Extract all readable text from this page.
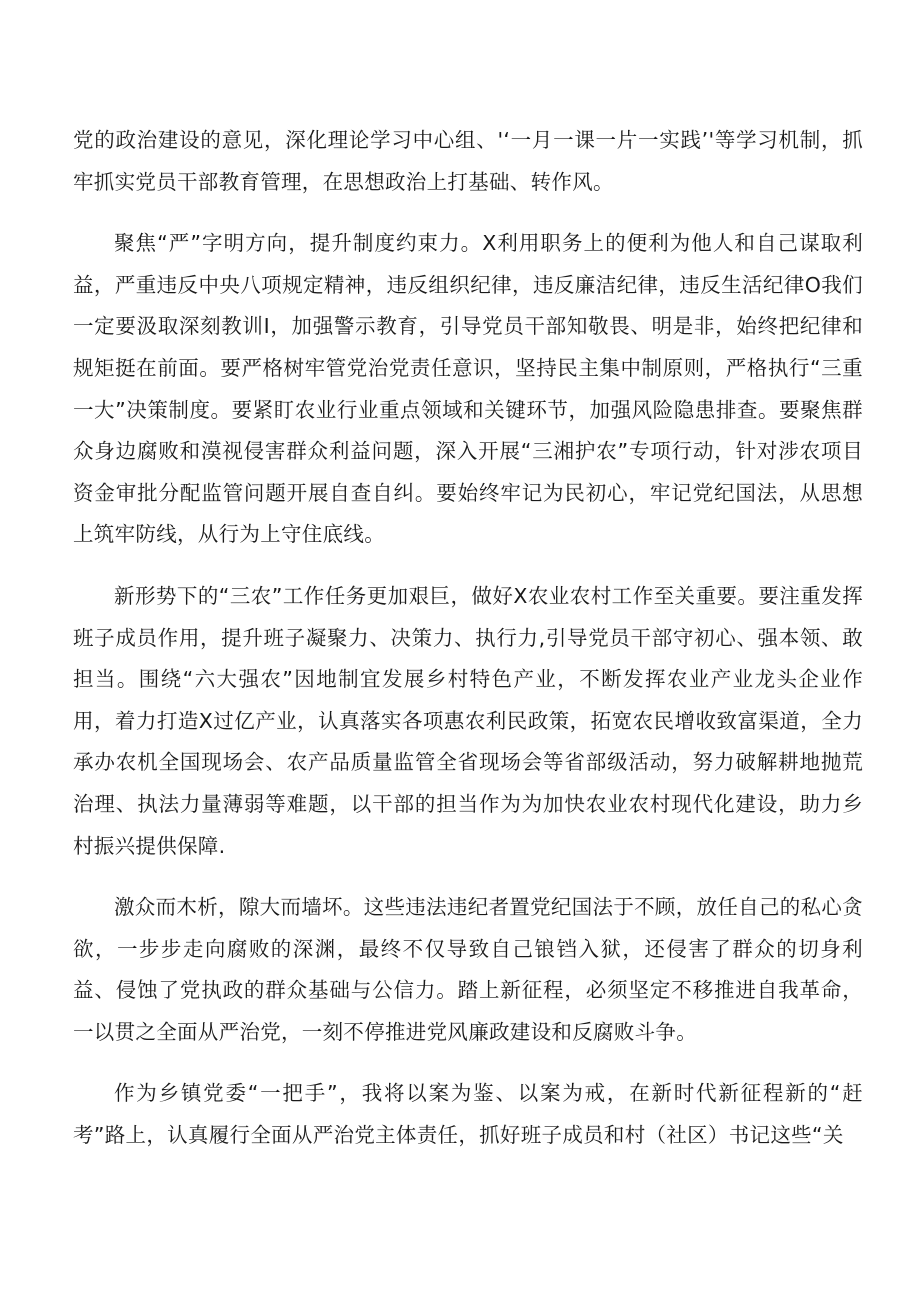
党的政治建设的意见，深化理论学习中心组、'‘一月一课一片一实践’'等学习机制，抓牢抓实党员干部教育管理，在思想政治上打基础、转作风。

聚焦“严”字明方向，提升制度约束力。X利用职务上的便利为他人和自己谋取利益，严重违反中央八项规定精神，违反组织纪律，违反廉洁纪律，违反生活纪律O我们一定要汲取深刻教训I，加强警示教育，引导党员干部知敬畏、明是非，始终把纪律和规矩挺在前面。要严格树牢管党治党责任意识，坚持民主集中制原则，严格执行“三重一大”决策制度。要紧盯农业行业重点领域和关键环节，加强风险隐患排查。要聚焦群众身边腐败和漠视侵害群众利益问题，深入开展“三湘护农”专项行动，针对涉农项目资金审批分配监管问题开展自查自纠。要始终牢记为民初心，牢记党纪国法，从思想上筑牢防线，从行为上守住底线。

新形势下的“三农”工作任务更加艰巨，做好X农业农村工作至关重要。要注重发挥班子成员作用，提升班子凝聚力、决策力、执行力,引导党员干部守初心、强本领、敢担当。围绕“六大强农”因地制宜发展乡村特色产业，不断发挥农业产业龙头企业作用，着力打造X过亿产业，认真落实各项惠农利民政策，拓宽农民增收致富渠道，全力承办农机全国现场会、农产品质量监管全省现场会等省部级活动，努力破解耕地抛荒治理、执法力量薄弱等难题，以干部的担当作为为加快农业农村现代化建设，助力乡村振兴提供保障.

激众而木析，隙大而墙坏。这些违法违纪者置党纪国法于不顾，放任自己的私心贪欲，一步步走向腐败的深渊，最终不仅导致自己锒铛入狱，还侵害了群众的切身利益、侵蚀了党执政的群众基础与公信力。踏上新征程，必须坚定不移推进自我革命，一以贯之全面从严治党，一刻不停推进党风廉政建设和反腐败斗争。

作为乡镇党委“一把手”，我将以案为鉴、以案为戒，在新时代新征程新的“赶考”路上，认真履行全面从严治党主体责任，抓好班子成员和村（社区）书记这些“关
